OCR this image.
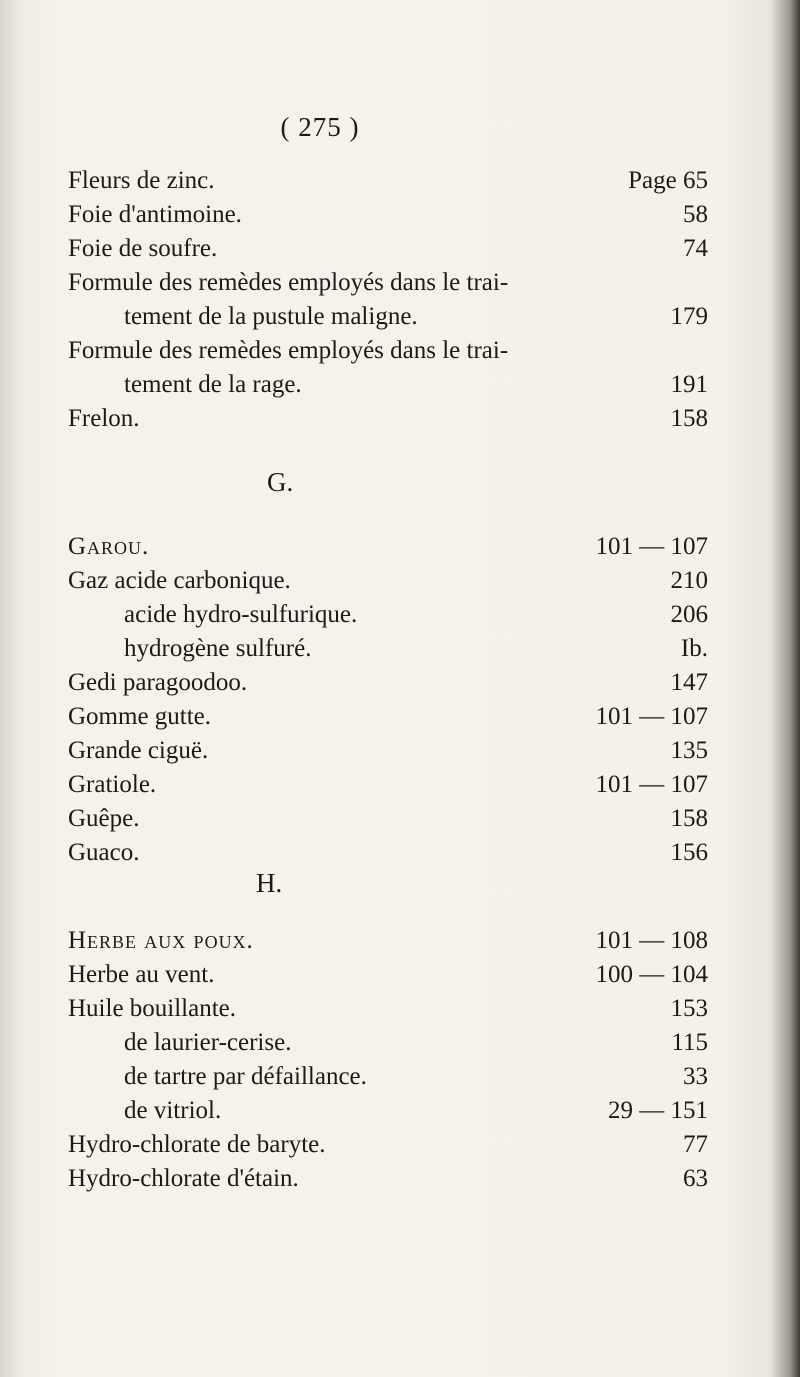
( 275 )
Fleurs de zinc.	Page 65
Foie d'antimoine.	58
Foie de soufre.	74
Formule des remèdes employés dans le trai-
tement de la pustule maligne.	179
Formule des remèdes employés dans le trai-
tement de la rage.	191
Frelon.	158
G.
Garou.	101 — 107
Gaz acide carbonique.	210
acide hydro-sulfurique.	206
hydrogène sulfuré.	Ib.
Gedi paragoodoo.	147
Gomme gutte.	101 — 107
Grande ciguë.	135
Gratiole.	101 — 107
Guêpe.	158
Guaco.	156
H.
Herbe aux poux.	101 — 108
Herbe au vent.	100 — 104
Huile bouillante.	153
de laurier-cerise.	115
de tartre par défaillance.	33
de vitriol.	29 — 151
Hydro-chlorate de baryte.	77
Hydro-chlorate d'étain.	63
